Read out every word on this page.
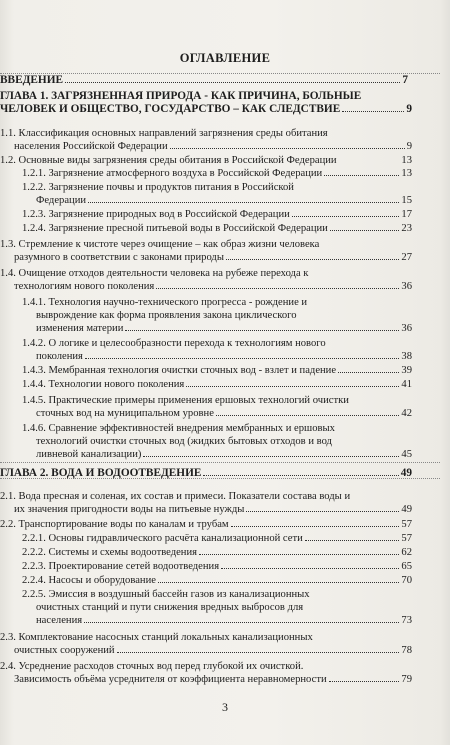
ОГЛАВЛЕНИЕ
ВВЕДЕНИЕ	7
ГЛАВА 1. ЗАГРЯЗНЕННАЯ ПРИРОДА - КАК ПРИЧИНА, БОЛЬНЫЕ
ЧЕЛОВЕК И ОБЩЕСТВО, ГОСУДАРСТВО – КАК СЛЕДСТВИЕ	9
1.1. Классификация основных направлений загрязнения среды обитания
населения Российской Федерации	9
1.2. Основные виды загрязнения среды обитания в Российской Федерации	13
1.2.1. Загрязнение атмосферного воздуха в Российской Федерации	13
1.2.2. Загрязнение почвы и продуктов питания в Российской
Федерации	15
1.2.3. Загрязнение природных вод в Российской Федерации	17
1.2.4. Загрязнение пресной питьевой воды в Российской Федерации	23
1.3. Стремление к чистоте через очищение – как образ жизни человека
разумного в соответствии с законами природы	27
1.4. Очищение отходов деятельности человека на рубеже перехода к
технологиям нового поколения	36
1.4.1. Технология научно-технического прогресса - рождение и
выврождение как форма проявления закона циклического
изменения материи	36
1.4.2. О логике и целесообразности перехода к технологиям нового
поколения	38
1.4.3. Мембранная технология очистки сточных вод - взлет и падение	39
1.4.4. Технологии нового поколения	41
1.4.5. Практические примеры применения ершовых технологий очистки
сточных вод на муниципальном уровне	42
1.4.6. Сравнение эффективностей внедрения мембранных и ершовых
технологий очистки сточных вод (жидких бытовых отходов и вод
ливневой канализации)	45
ГЛАВА 2. ВОДА И ВОДООТВЕДЕНИЕ	49
2.1. Вода пресная и соленая, их состав и примеси. Показатели состава воды и
их значения пригодности воды на питьевые нужды	49
2.2. Транспортирование воды по каналам и трубам	57
2.2.1. Основы гидравлического расчёта канализационной сети	57
2.2.2. Системы и схемы водоотведения	62
2.2.3. Проектирование сетей водоотведения	65
2.2.4. Насосы и оборудование	70
2.2.5. Эмиссия в воздушный бассейн газов из канализационных
очистных станций и пути снижения вредных выбросов для
населения	73
2.3. Комплектование насосных станций локальных канализационных
очистных сооружений	78
2.4. Усреднение расходов сточных вод перед глубокой их очисткой.
Зависимость объёма усреднителя от коэффициента неравномерности	79
3
